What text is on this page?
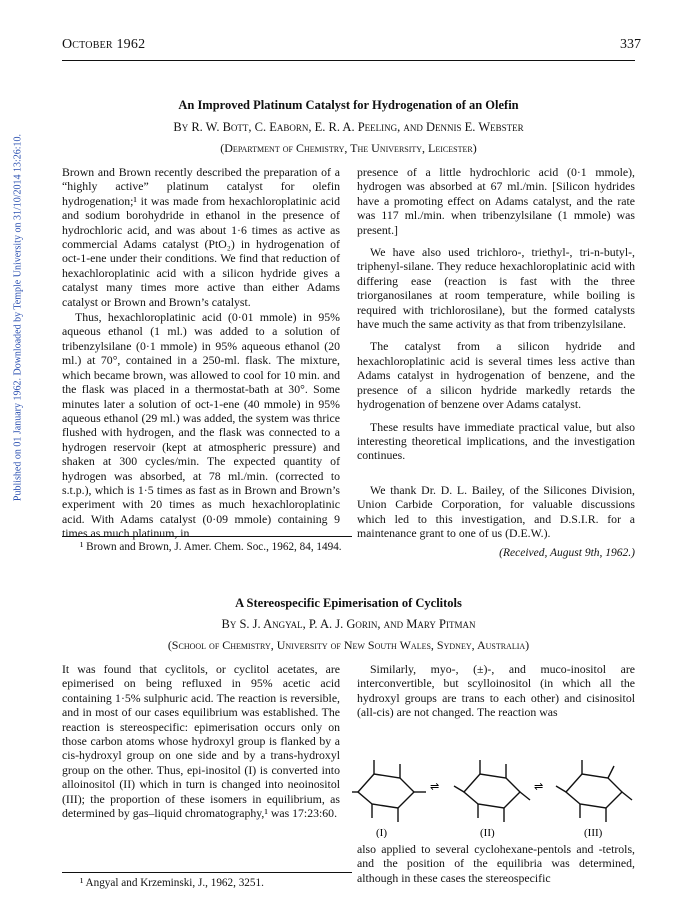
Published on 01 January 1962. Downloaded by Temple University on 31/10/2014 13:26:10.
October 1962	337
An Improved Platinum Catalyst for Hydrogenation of an Olefin
By R. W. Bott, C. Eaborn, E. R. A. Peeling, and Dennis E. Webster
(Department of Chemistry, The University, Leicester)

Brown and Brown recently described the preparation of a “highly active” platinum catalyst for olefin hydrogenation;¹ it was made from hexachloroplatinic acid and sodium borohydride in ethanol in the presence of hydrochloric acid, and was about 1·6 times as active as commercial Adams catalyst (PtO₂) in hydrogenation of oct-1-ene under their conditions. We find that reduction of hexachloroplatinic acid with a silicon hydride gives a catalyst many times more active than either Adams catalyst or Brown and Brown’s catalyst.

Thus, hexachloroplatinic acid (0·01 mmole) in 95% aqueous ethanol (1 ml.) was added to a solution of tribenzylsilane (0·1 mmole) in 95% aqueous ethanol (20 ml.) at 70°, contained in a 250-ml. flask. The mixture, which became brown, was allowed to cool for 10 min. and the flask was placed in a thermostat-bath at 30°. Some minutes later a solution of oct-1-ene (40 mmole) in 95% aqueous ethanol (29 ml.) was added, the system was thrice flushed with hydrogen, and the flask was connected to a hydrogen reservoir (kept at atmospheric pressure) and shaken at 300 cycles/min. The expected quantity of hydrogen was absorbed, at 78 ml./min. (corrected to s.t.p.), which is 1·5 times as fast as in Brown and Brown’s experiment with 20 times as much hexachloroplatinic acid. With Adams catalyst (0·09 mmole) containing 9 times as much platinum, in

presence of a little hydrochloric acid (0·1 mmole), hydrogen was absorbed at 67 ml./min. [Silicon hydrides have a promoting effect on Adams catalyst, and the rate was 117 ml./min. when tribenzylsilane (1 mmole) was present.]

We have also used trichloro-, triethyl-, tri-n-butyl-, triphenyl-silane. They reduce hexachloroplatinic acid with differing ease (reaction is fast with the three triorganosilanes at room temperature, while boiling is required with trichlorosilane), but the formed catalysts have much the same activity as that from tribenzylsilane.

The catalyst from a silicon hydride and hexachloroplatinic acid is several times less active than Adams catalyst in hydrogenation of benzene, and the presence of a silicon hydride markedly retards the hydrogenation of benzene over Adams catalyst.

These results have immediate practical value, but also interesting theoretical implications, and the investigation continues.

We thank Dr. D. L. Bailey, of the Silicones Division, Union Carbide Corporation, for valuable discussions which led to this investigation, and D.S.I.R. for a maintenance grant to one of us (D.E.W.).

(Received, August 9th, 1962.)
¹ Brown and Brown, J. Amer. Chem. Soc., 1962, 84, 1494.
A Stereospecific Epimerisation of Cyclitols
By S. J. Angyal, P. A. J. Gorin, and Mary Pitman
(School of Chemistry, University of New South Wales, Sydney, Australia)

It was found that cyclitols, or cyclitol acetates, are epimerised on being refluxed in 95% acetic acid containing 1·5% sulphuric acid. The reaction is reversible, and in most of our cases equilibrium was established. The reaction is stereospecific: epimerisation occurs only on those carbon atoms whose hydroxyl group is flanked by a cis-hydroxyl group on one side and by a trans-hydroxyl group on the other. Thus, epi-inositol (I) is converted into alloinositol (II) which in turn is changed into neoinositol (III); the proportion of these isomers in equilibrium, as determined by gas–liquid chromatography,¹ was 17:23:60.

Similarly, myo-, (±)-, and muco-inositol are interconvertible, but scylloinositol (in which all the hydroxyl groups are trans to each other) and cisinositol (all-cis) are not changed. The reaction was

⇌	⇌
(I)	(II)	(III)

also applied to several cyclohexane-pentols and -tetrols, and the position of the equilibria was determined, although in these cases the stereospecific

¹ Angyal and Krzeminski, J., 1962, 3251.
